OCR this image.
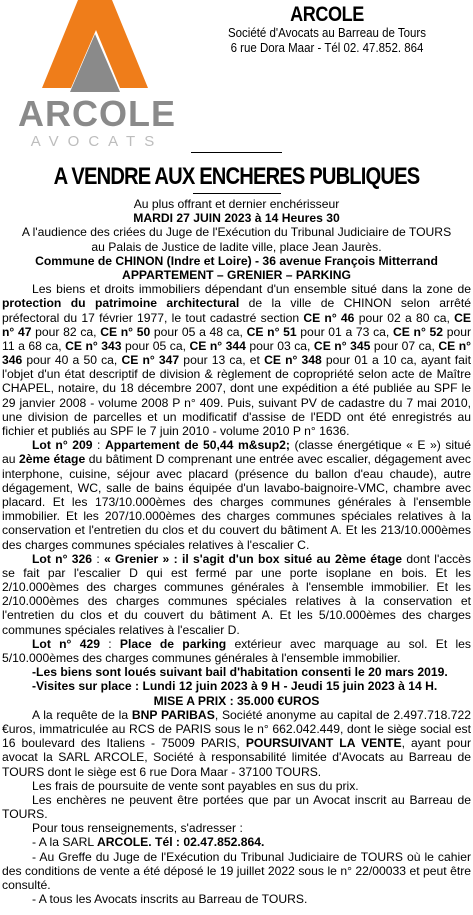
ARCOLE
AVOCATS
ARCOLE
Société d'Avocats au Barreau de Tours
6 rue Dora Maar - Tél 02. 47.852. 864
A VENDRE AUX ENCHERES PUBLIQUES

Au plus offrant et dernier enchérisseur

MARDI 27 JUIN 2023 à 14 Heures 30

A l'audience des criées du Juge de l'Exécution du Tribunal Judiciaire de TOURS

au Palais de Justice de ladite ville, place Jean Jaurès.

Commune de CHINON (Indre et Loire) - 36 avenue François Mitterrand

APPARTEMENT – GRENIER – PARKING

Les biens et droits immobiliers dépendant d'un ensemble situé dans la zone de protection du patrimoine architectural de la ville de CHINON selon arrêté préfectoral du 17 février 1977, le tout cadastré section CE n° 46 pour 02 a 80 ca, CE n° 47 pour 82 ca, CE n° 50 pour 05 a 48 ca, CE n° 51 pour 01 a 73 ca, CE n° 52 pour 11 a 68 ca, CE n° 343 pour 05 ca, CE n° 344 pour 03 ca, CE n° 345 pour 07 ca, CE n° 346 pour 40 a 50 ca, CE n° 347 pour 13 ca, et CE n° 348 pour 01 a 10 ca, ayant fait l'objet d'un état descriptif de division & règlement de copropriété selon acte de Maître CHAPEL, notaire, du 18 décembre 2007, dont une expédition a été publiée au SPF le 29 janvier 2008 - volume 2008 P n° 409. Puis, suivant PV de cadastre du 7 mai 2010, une division de parcelles et un modificatif d'assise de l'EDD ont été enregistrés au fichier et publiés au SPF le 7 juin 2010 - volume 2010 P n° 1636.

Lot n° 209 : Appartement de 50,44 m&sup2; (classe énergétique « E ») situé au 2ème étage du bâtiment D comprenant une entrée avec escalier, dégagement avec interphone, cuisine, séjour avec placard (présence du ballon d'eau chaude), autre dégagement, WC, salle de bains équipée d'un lavabo-baignoire-VMC, chambre avec placard. Et les 173/10.000èmes des charges communes générales à l'ensemble immobilier. Et les 207/10.000èmes des charges communes spéciales relatives à la conservation et l'entretien du clos et du couvert du bâtiment A. Et les 213/10.000èmes des charges communes spéciales relatives à l'escalier C.

Lot n° 326 : « Grenier » : il s'agit d'un box situé au 2ème étage dont l'accès se fait par l'escalier D qui est fermé par une porte isoplane en bois. Et les 2/10.000èmes des charges communes générales à l'ensemble immobilier. Et les 2/10.000èmes des charges communes spéciales relatives à la conservation et l'entretien du clos et du couvert du bâtiment A. Et les 5/10.000èmes des charges communes spéciales relatives à l'escalier D.

Lot n° 429 : Place de parking extérieur avec marquage au sol. Et les 5/10.000èmes des charges communes générales à l'ensemble immobilier.

-Les biens sont loués suivant bail d'habitation consenti le 20 mars 2019.

-Visites sur place : Lundi 12 juin 2023 à 9 H - Jeudi 15 juin 2023 à 14 H.

MISE A PRIX : 35.000 €UROS

A la requête de la BNP PARIBAS, Société anonyme au capital de 2.497.718.722 €uros, immatriculée au RCS de PARIS sous le n° 662.042.449, dont le siège social est 16 boulevard des Italiens - 75009 PARIS, POURSUIVANT LA VENTE, ayant pour avocat la SARL ARCOLE, Société à responsabilité limitée d'Avocats au Barreau de TOURS dont le siège est 6 rue Dora Maar - 37100 TOURS.

Les frais de poursuite de vente sont payables en sus du prix.

Les enchères ne peuvent être portées que par un Avocat inscrit au Barreau de TOURS.

Pour tous renseignements, s'adresser :

- A la SARL ARCOLE. Tél : 02.47.852.864.

- Au Greffe du Juge de l'Exécution du Tribunal Judiciaire de TOURS où le cahier des conditions de vente a été déposé le 19 juillet 2022 sous le n° 22/00033 et peut être consulté.

- A tous les Avocats inscrits au Barreau de TOURS.
